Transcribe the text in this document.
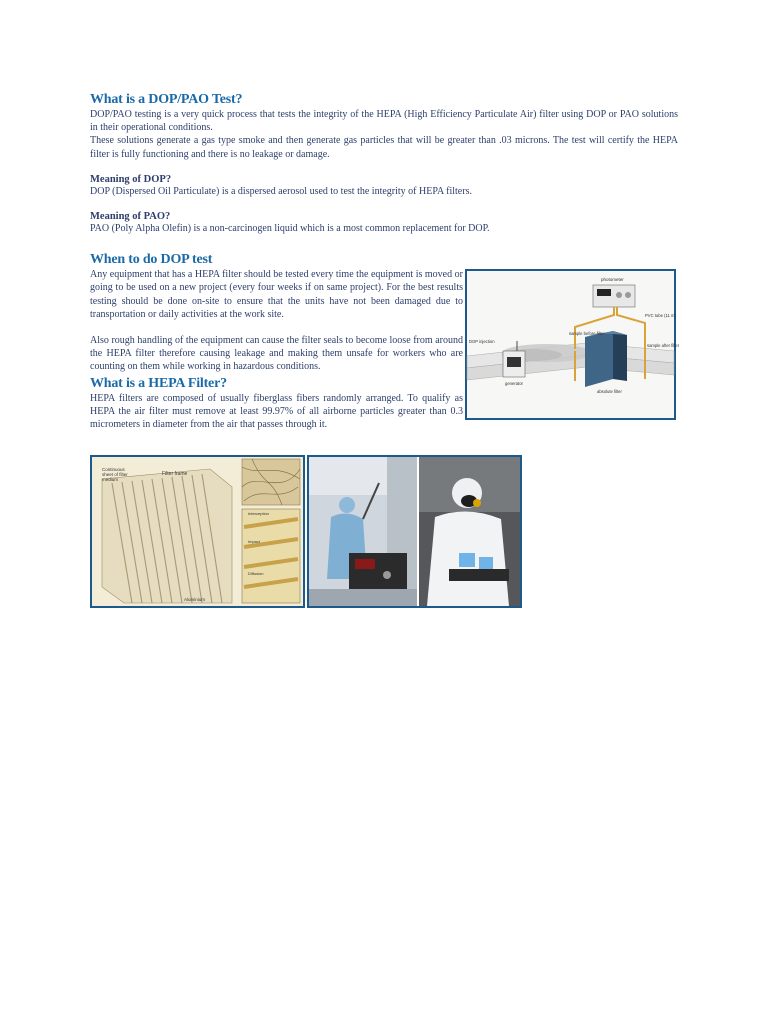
What is a DOP/PAO Test?

DOP/PAO testing is a very quick process that tests the integrity of the HEPA (High Efficiency Particulate Air) filter using DOP or PAO solutions in their operational conditions.

These solutions generate a gas type smoke and then generate gas particles that will be greater than .03 microns. The test will certify the HEPA filter is fully functioning and there is no leakage or damage.

Meaning of DOP?

DOP (Dispersed Oil Particulate) is a dispersed aerosol used to test the integrity of HEPA filters.

Meaning of PAO?

PAO (Poly Alpha Olefin) is a non-carcinogen liquid which is a most common replacement for DOP.

When to do DOP test

Any equipment that has a HEPA filter should be tested every time the equipment is moved or going to be used on a new project (every four weeks if on same project). For the best results testing should be done on-site to ensure that the units have not been damaged due to transportation or daily activities at the work site.

Also rough handling of the equipment can cause the filter seals to become loose from around the HEPA filter therefore causing leakage and making them unsafe for workers who are counting on them while working in hazardous conditions.

What is a HEPA Filter?

HEPA filters are composed of usually fiberglass fibers randomly arranged. To qualify as HEPA the air filter must remove at least 99.97% of all airborne particles greater than 0.3 micrometers in diameter from the air that passes through it.

photometer
PVC tube (11 m)
sample before filter
sample after filter
DOP injection
generator
absolute filter
Continuous
sheet of filter
medium
Filter frame
Interception
Impact
Diffusion
Aluminium
